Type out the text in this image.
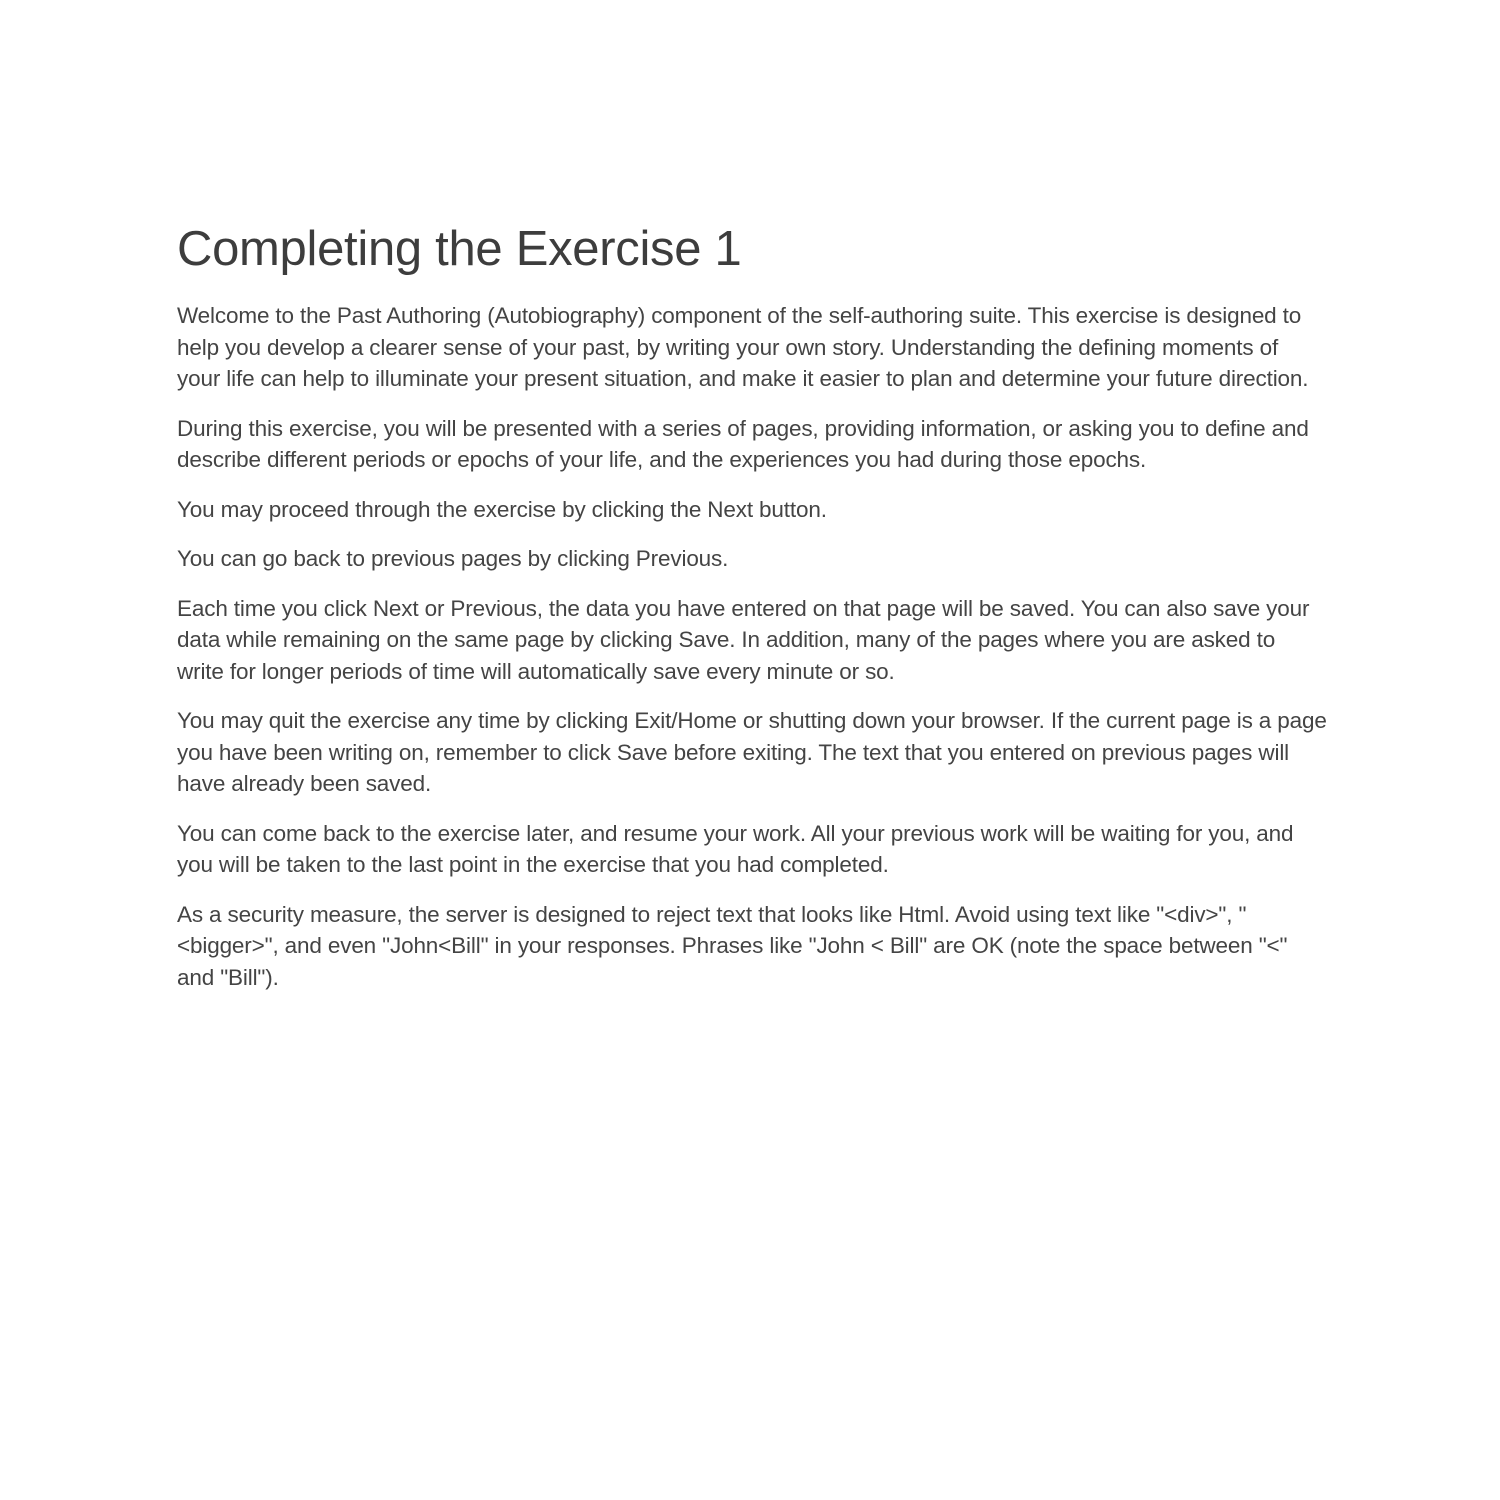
Completing the Exercise 1

Welcome to the Past Authoring (Autobiography) component of the self-authoring suite. This exercise is designed to help you develop a clearer sense of your past, by writing your own story. Understanding the defining moments of your life can help to illuminate your present situation, and make it easier to plan and determine your future direction.

During this exercise, you will be presented with a series of pages, providing information, or asking you to define and describe different periods or epochs of your life, and the experiences you had during those epochs.

You may proceed through the exercise by clicking the Next button.

You can go back to previous pages by clicking Previous.

Each time you click Next or Previous, the data you have entered on that page will be saved. You can also save your data while remaining on the same page by clicking Save. In addition, many of the pages where you are asked to write for longer periods of time will automatically save every minute or so.

You may quit the exercise any time by clicking Exit/Home or shutting down your browser. If the current page is a page you have been writing on, remember to click Save before exiting. The text that you entered on previous pages will have already been saved.

You can come back to the exercise later, and resume your work. All your previous work will be waiting for you, and you will be taken to the last point in the exercise that you had completed.

As a security measure, the server is designed to reject text that looks like Html. Avoid using text like "<div>", "<bigger>", and even "John<Bill" in your responses. Phrases like "John < Bill" are OK (note the space between "<" and "Bill").
